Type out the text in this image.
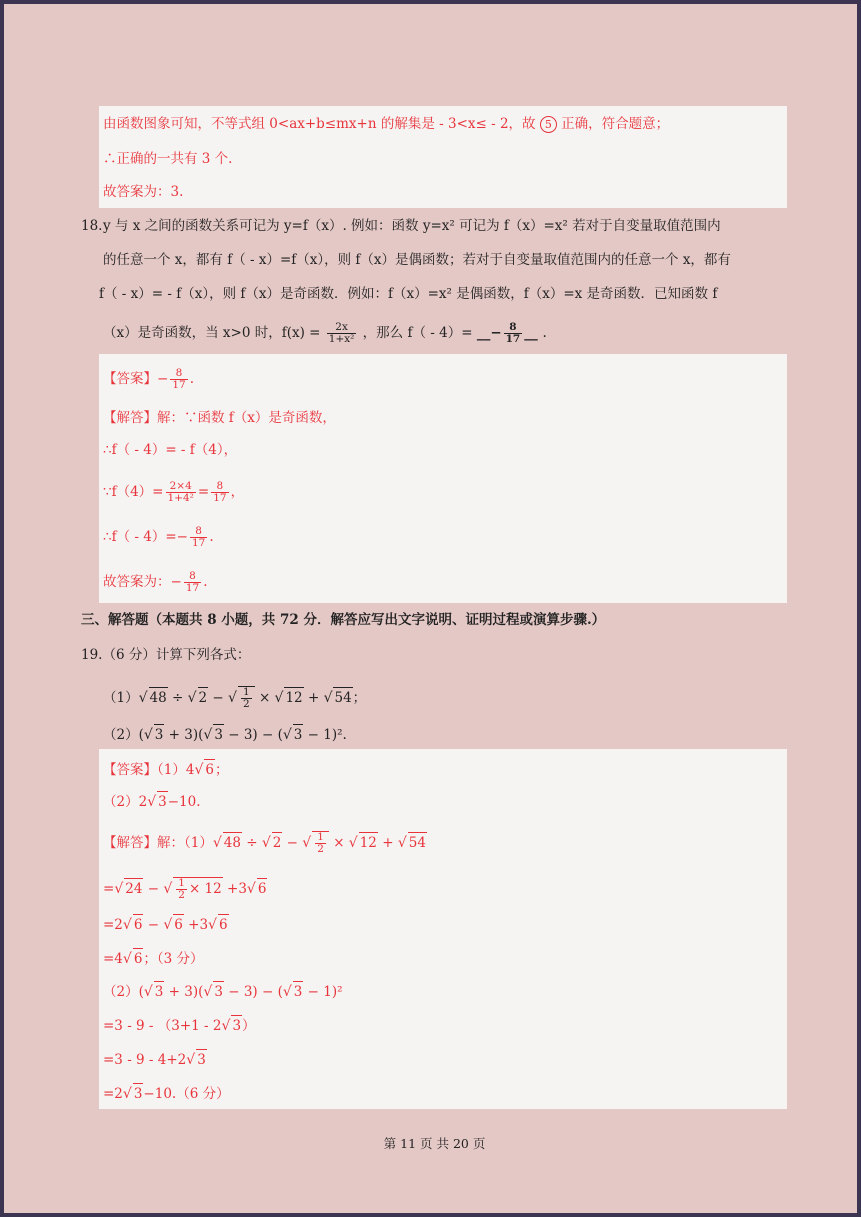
由函数图象可知，不等式组 0<ax+b≤mx+n 的解集是 - 3<x≤ - 2，故 5 正确，符合题意；
∴正确的一共有 3 个.
故答案为：3.
18. y 与 x 之间的函数关系可记为 y=f（x）. 例如：函数 y=x² 可记为 f（x）=x² 若对于自变量取值范围内
的任意一个 x，都有 f（ - x）=f（x），则 f（x）是偶函数；若对于自变量取值范围内的任意一个 x，都有
f（ - x）= - f（x），则 f（x）是奇函数．例如：f（x）=x² 是偶函数，f（x）=x 是奇函数．已知函数 f
（x）是奇函数，当 x>0 时，$f(x) = \frac{2x}{\text{1+x²}}$ ，那么 f（ - 4）= __− $\frac{8}{17}$ __ .
【答案】− $\frac{8}{17}$ .
【解答】解：∵函数 f（x）是奇函数，
∴f（ - 4）= - f（4），
∵f（4）= $\frac{2\times 4}{\text{1+4²}} = \frac{8}{17}$ ，
∴f（ - $4)=- \frac{8}{17}$ .
故答案为：− $\frac{8}{17}$ .
三、解答题（本题共 8 小题，共 72 分．解答应写出文字说明、证明过程或演算步骤.）
19.（6 分）计算下列各式：
（1）√ 48 ÷ √ 2 − √ $\frac{1}{2}$ × √ 12 + √ 54；
（2）(√ 3 + 3)(√ 3 − 3) − (√ 3 − 1)².
【答案】（1）4√ 6；
（2）2√ 3−10.
【解答】解：（1）√ 48 ÷ √ 2 − √ $\frac{1}{2}$ × √ 12 + √ 54
=√ 24 − √ $\frac{1}{2} \times 12 +3√$ 6
=2√ 6 − √ 6 +3√ 6
=4√ 6；（3 分）
（2）(√ 3 + 3)(√ 3 − 3) − (√ 3 − 1)²
=3 - 9 - （3+1 - 2√ 3）
=3 - 9 - 4+2√ 3
=2√ 3−10.（6 分）
第 11 页 共 20 页
